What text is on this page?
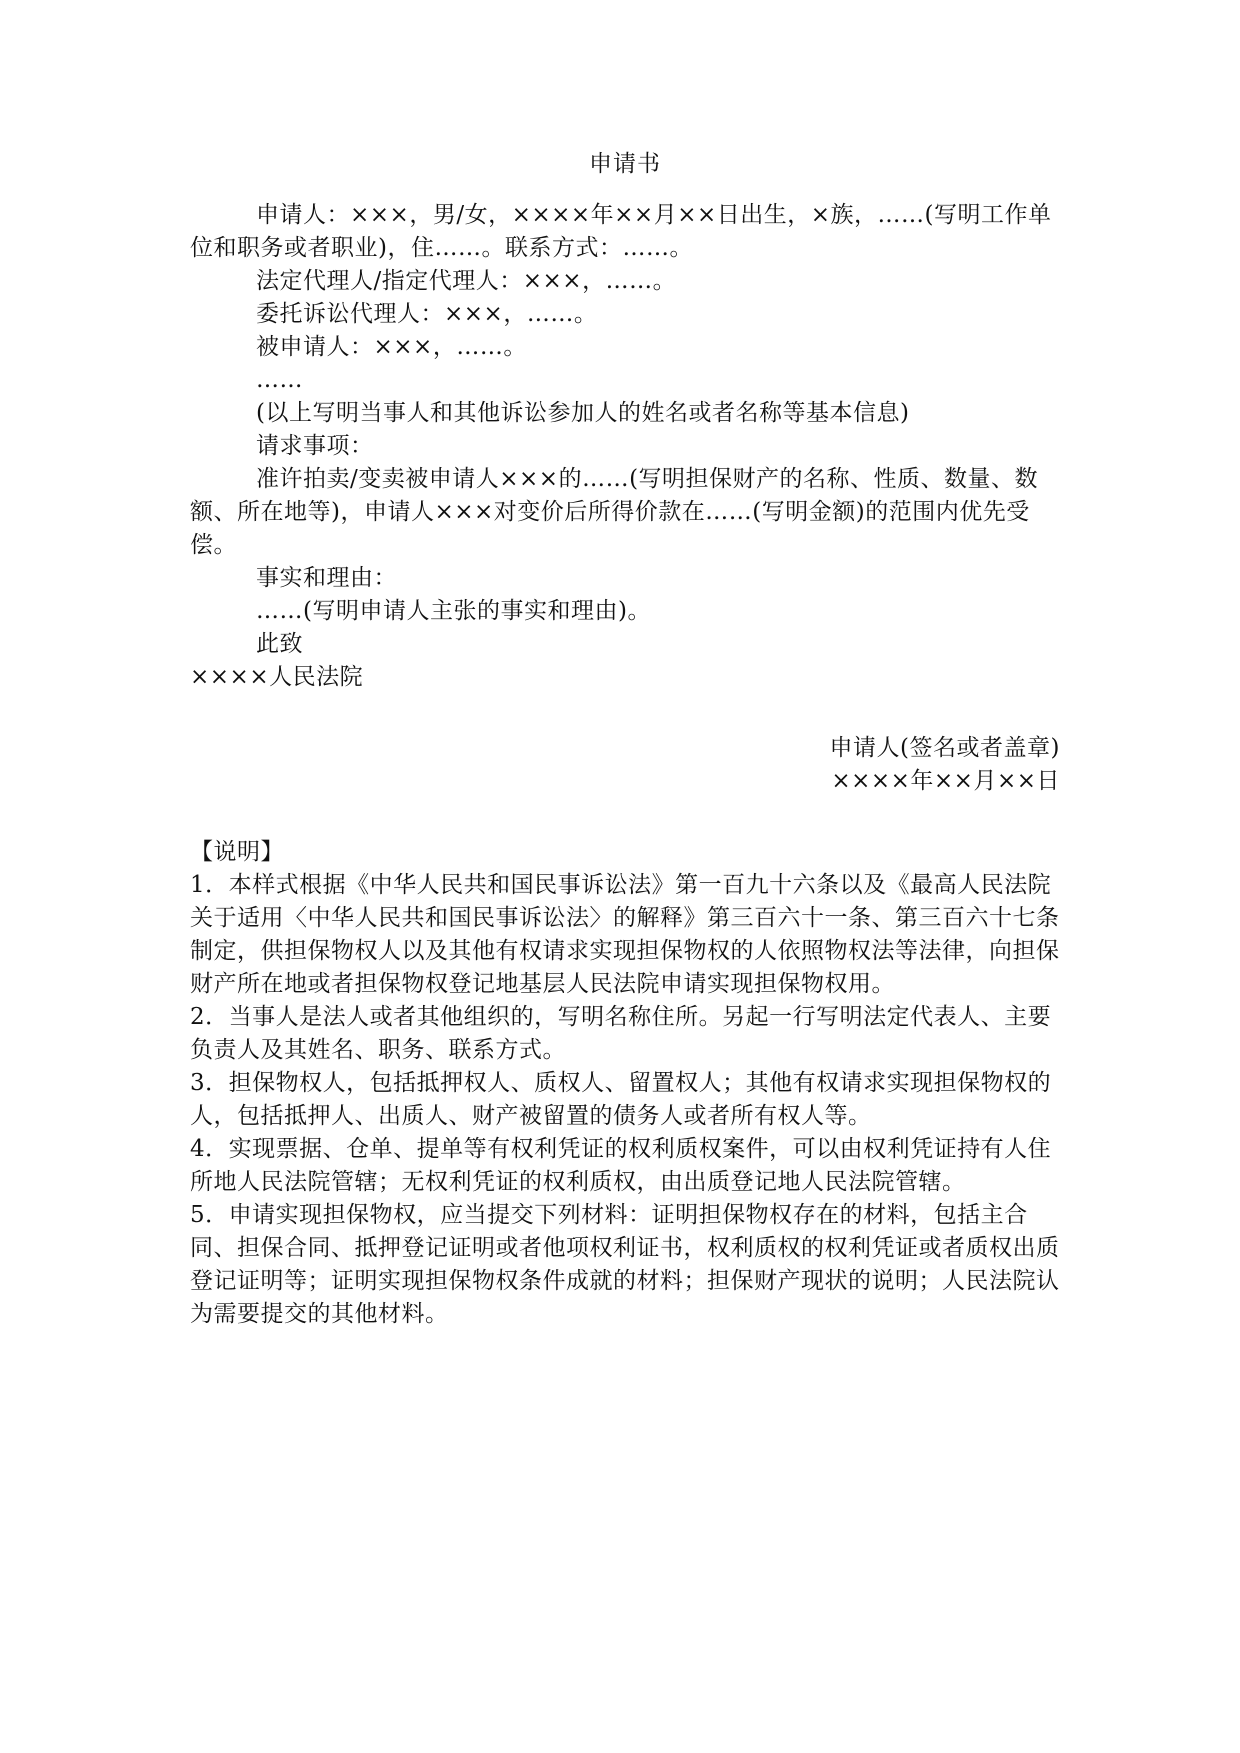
申请书
申请人：×××，男/女，××××年××月××日出生，×族，……(写明工作单位和职务或者职业)，住……。联系方式：……。
法定代理人/指定代理人：×××，……。
委托诉讼代理人：×××，……。
被申请人：×××，……。
……
(以上写明当事人和其他诉讼参加人的姓名或者名称等基本信息)
请求事项：
准许拍卖/变卖被申请人×××的……(写明担保财产的名称、性质、数量、数额、所在地等)，申请人×××对变价后所得价款在……(写明金额)的范围内优先受偿。
事实和理由：
……(写明申请人主张的事实和理由)。
此致
××××人民法院
申请人(签名或者盖章)
××××年××月××日
【说明】
1．本样式根据《中华人民共和国民事诉讼法》第一百九十六条以及《最高人民法院关于适用〈中华人民共和国民事诉讼法〉的解释》第三百六十一条、第三百六十七条制定，供担保物权人以及其他有权请求实现担保物权的人依照物权法等法律，向担保财产所在地或者担保物权登记地基层人民法院申请实现担保物权用。
2．当事人是法人或者其他组织的，写明名称住所。另起一行写明法定代表人、主要负责人及其姓名、职务、联系方式。
3．担保物权人，包括抵押权人、质权人、留置权人；其他有权请求实现担保物权的人，包括抵押人、出质人、财产被留置的债务人或者所有权人等。
4．实现票据、仓单、提单等有权利凭证的权利质权案件，可以由权利凭证持有人住所地人民法院管辖；无权利凭证的权利质权，由出质登记地人民法院管辖。
5．申请实现担保物权，应当提交下列材料：证明担保物权存在的材料，包括主合同、担保合同、抵押登记证明或者他项权利证书，权利质权的权利凭证或者质权出质登记证明等；证明实现担保物权条件成就的材料；担保财产现状的说明；人民法院认为需要提交的其他材料。
